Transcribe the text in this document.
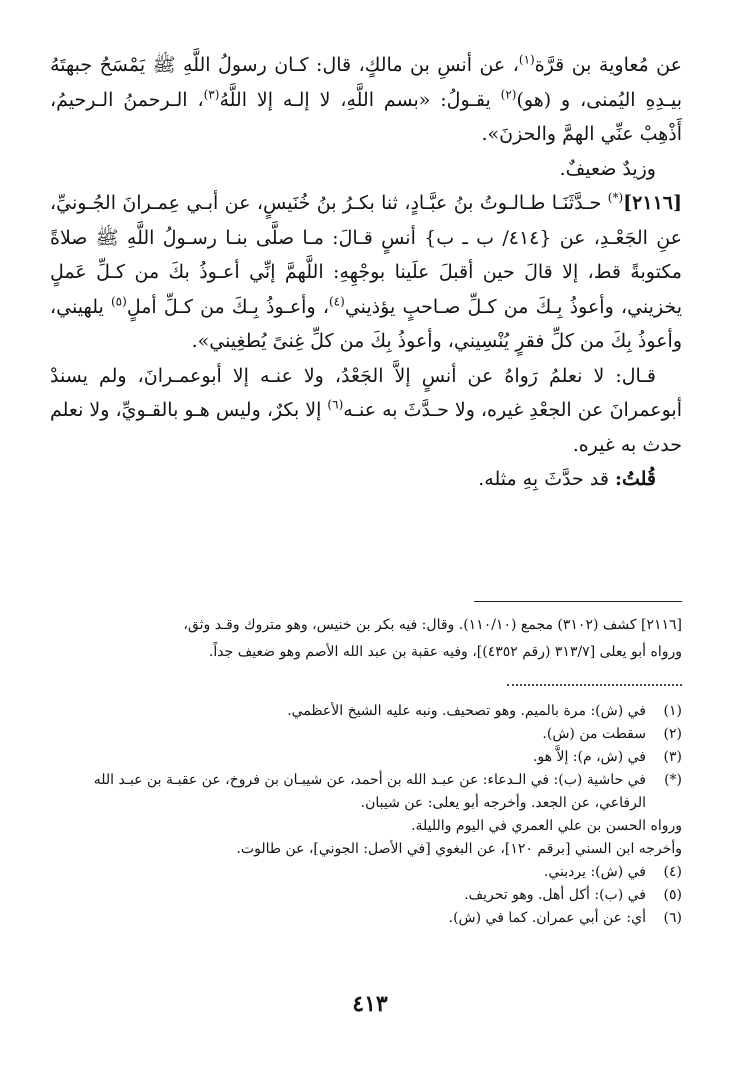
عن مُعاوية بن قرَّة$^{(١)}$، عن أنسِ بن مالكٍ، قال: كـان رسولُ اللَّهِ ﷺ يَمْسَحُ جبهتَهُ بيـدِهِ اليُمنى، و (هو)$^{(٢)}$ يقـولُ: «بسم اللَّهِ، لا إلـه إلا اللَّهُ$^{(٣)}$، الـرحمنُ الـرحيمُ، أَذْهِبْ عنِّي الهمَّ والحزنَ».

وزيدٌ ضعيفٌ.

[٢١١٦](*) حـدَّثَنَـا طـالـوتُ بنُ عبَّـادٍ، ثنا بكـرُ بنُ خُنَيسٍ، عن أبـي عِمـرانَ الجُـونيِّ، عنِ الجَعْـدِ، عن {٤١٤/ ب ـ ب} أنسٍ قـالَ: مـا صلَّى بنـا رسـولُ اللَّهِ ﷺ صلاةً مكتوبةً قط، إلا قالَ حين أقبلَ علَينا بوجْهِهِ: اللَّهمَّ إنِّي أعـوذُ بكَ من كـلِّ عَملٍ يخزيني، وأعوذُ بِـكَ من كـلِّ صـاحبٍ يؤذيني$^{(٤)}$، وأعـوذُ بِـكَ من كـلِّ أملٍ$^{(٥)}$ يلهيني، وأعوذُ بِكَ من كلِّ فقرٍ يُنْسِيني، وأعوذُ بِكَ من كلِّ غِنىً يُطغِيني».

قـال: لا نعلمُ رَواهُ عن أنسٍ إلاَّ الجَعْدُ، ولا عنـه إلا أبوعمـرانَ، ولم يسندْ أبوعمرانَ عن الجعْدِ غيره، ولا حـدَّثَ به عنـه$^{(٦)}$ إلا بكرٌ، وليس هـو بالقـويِّ، ولا نعلم حدث به غيره.

قُلتُ: قد حدَّثَ بِهِ مثله.

[٢١١٦] كشف (٣١٠٢) مجمع (١١٠/١٠). وقال: فيه بكر بن خنيس، وهو متروك وقـد وثق،

ورواه أبو يعلى [٣١٣/٧ (رقم ٤٣٥٢)]، وفيه عقبة بن عبد الله الأصم وهو ضعيف جداً.

(١)
في (ش): مرة بالميم. وهو تصحيف. ونبه عليه الشيخ الأعظمي.
(٢)
سقطت من (ش).
(٣)
في (ش، م): إلاَّ هو.
(*)
في حاشية (ب): في الـدعاء: عن عبـد الله بن أحمد، عن شيبـان بن فروخ، عن عقبـة بن عبـد الله الرفاعي، عن الجعد. وأخرجه أبو يعلى: عن شيبان.
ورواه الحسن بن علي العمري في اليوم والليلة.
وأخرجه ابن السني [برقم ١٢٠]، عن البغوي [في الأصل: الجوني]، عن طالوت.
(٤)
في (ش): يردبني.
(٥)
في (ب): أكل أهل. وهو تحريف.
(٦)
أي: عن أبي عمران. كما في (ش).
٤١٣
